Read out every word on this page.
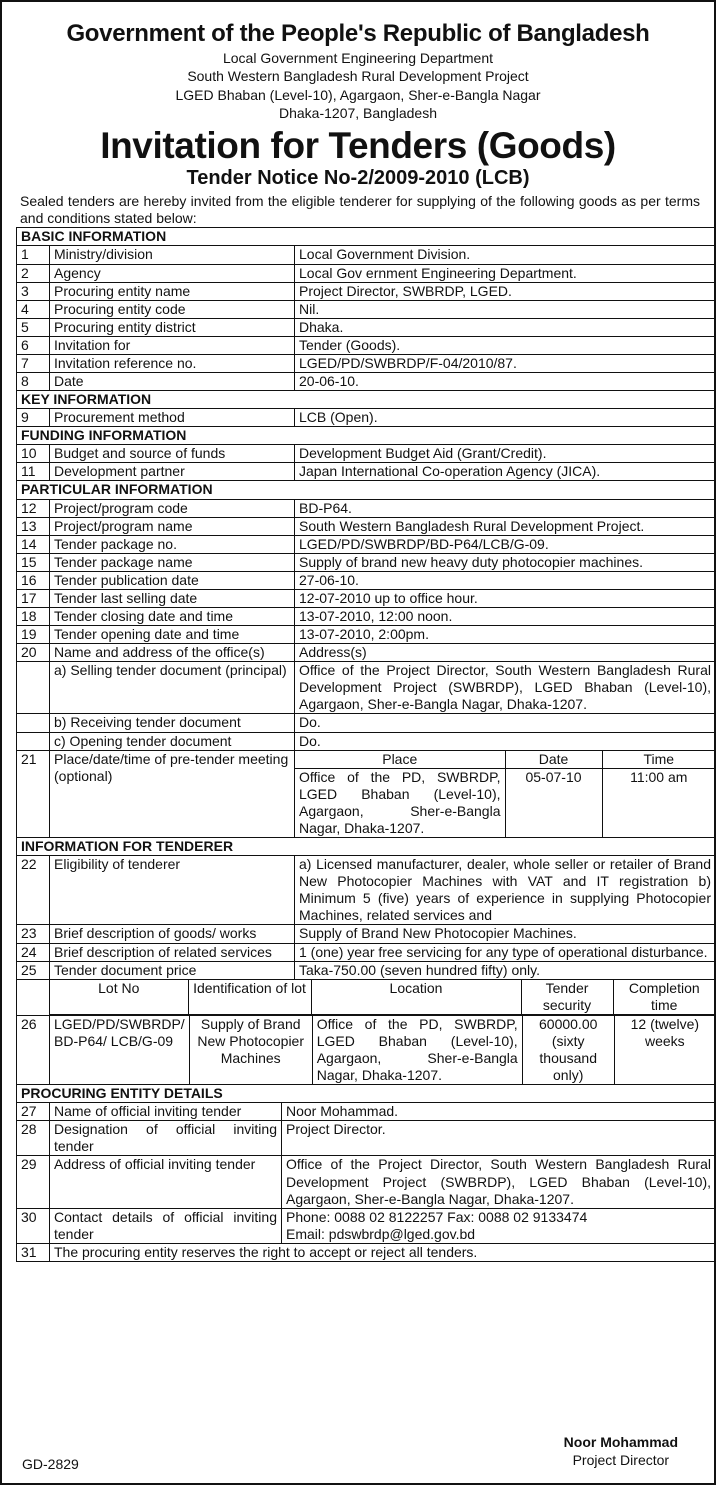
Government of the People's Republic of Bangladesh
Local Government Engineering Department
South Western Bangladesh Rural Development Project
LGED Bhaban (Level-10), Agargaon, Sher-e-Bangla Nagar
Dhaka-1207, Bangladesh
Invitation for Tenders (Goods)
Tender Notice No-2/2009-2010 (LCB)
Sealed tenders are hereby invited from the eligible tenderer for supplying of the following goods as per terms and conditions stated below:
BASIC INFORMATION
1	Ministry/division	Local Government Division.
2	Agency	Local Gov ernment Engineering Department.
3	Procuring entity name	Project Director, SWBRDP, LGED.
4	Procuring entity code	Nil.
5	Procuring entity district	Dhaka.
6	Invitation for	Tender (Goods).
7	Invitation reference no.	LGED/PD/SWBRDP/F-04/2010/87.
8	Date	20-06-10.
KEY INFORMATION
9	Procurement method	LCB (Open).
FUNDING INFORMATION
10	Budget and source of funds	Development Budget Aid (Grant/Credit).
11	Development partner	Japan International Co-operation Agency (JICA).
PARTICULAR INFORMATION
12	Project/program code	BD-P64.
13	Project/program name	South Western Bangladesh Rural Development Project.
14	Tender package no.	LGED/PD/SWBRDP/BD-P64/LCB/G-09.
15	Tender package name	Supply of brand new heavy duty photocopier machines.
16	Tender publication date	27-06-10.
17	Tender last selling date	12-07-2010 up to office hour.
18	Tender closing date and time	13-07-2010, 12:00 noon.
19	Tender opening date and time	13-07-2010, 2:00pm.
20	Name and address of the office(s)	Address(s)
	a) Selling tender document (principal)	Office of the Project Director, South Western Bangladesh Rural Development Project (SWBRDP), LGED Bhaban (Level-10), Agargaon, Sher-e-Bangla Nagar, Dhaka-1207.
	b) Receiving tender document	Do.
	c) Opening tender document	Do.
21	Place/date/time of pre-tender meeting (optional)	
Place	Date	Time
Office of the PD, SWBRDP, LGED Bhaban (Level-10), Agargaon, Sher-e-Bangla Nagar, Dhaka-1207.	05-07-10	11:00 am

INFORMATION FOR TENDERER
22	Eligibility of tenderer	a) Licensed manufacturer, dealer, whole seller or retailer of Brand New Photocopier Machines with VAT and IT registration b) Minimum 5 (five) years of experience in supplying Photocopier Machines, related services and
23	Brief description of goods/ works	Supply of Brand New Photocopier Machines.
24	Brief description of related services	1 (one) year free servicing for any type of operational disturbance.
25	Tender document price	Taka-750.00 (seven hundred fifty) only.

Lot No	Identification of lot	Location	Tender security	Completion time

26	LGED/PD/SWBRDP/ BD-P64/ LCB/G-09	Supply of Brand New Photocopier Machines	Office of the PD, SWBRDP, LGED Bhaban (Level-10), Agargaon, Sher-e-Bangla Nagar, Dhaka-1207.	60000.00 (sixty thousand only)	12 (twelve) weeks

PROCURING ENTITY DETAILS
27	Name of official inviting tender	Noor Mohammad.
28	Designation of official inviting tender	Project Director.
29	Address of official inviting tender	Office of the Project Director, South Western Bangladesh Rural Development Project (SWBRDP), LGED Bhaban (Level-10), Agargaon, Sher-e-Bangla Nagar, Dhaka-1207.
30	Contact details of official inviting tender	Phone: 0088 02 8122257 Fax: 0088 02 9133474
Email: pdswbrdp@lged.gov.bd

31	The procuring entity reserves the right to accept or reject all tenders.	
Noor Mohammad
Project Director
GD-2829
